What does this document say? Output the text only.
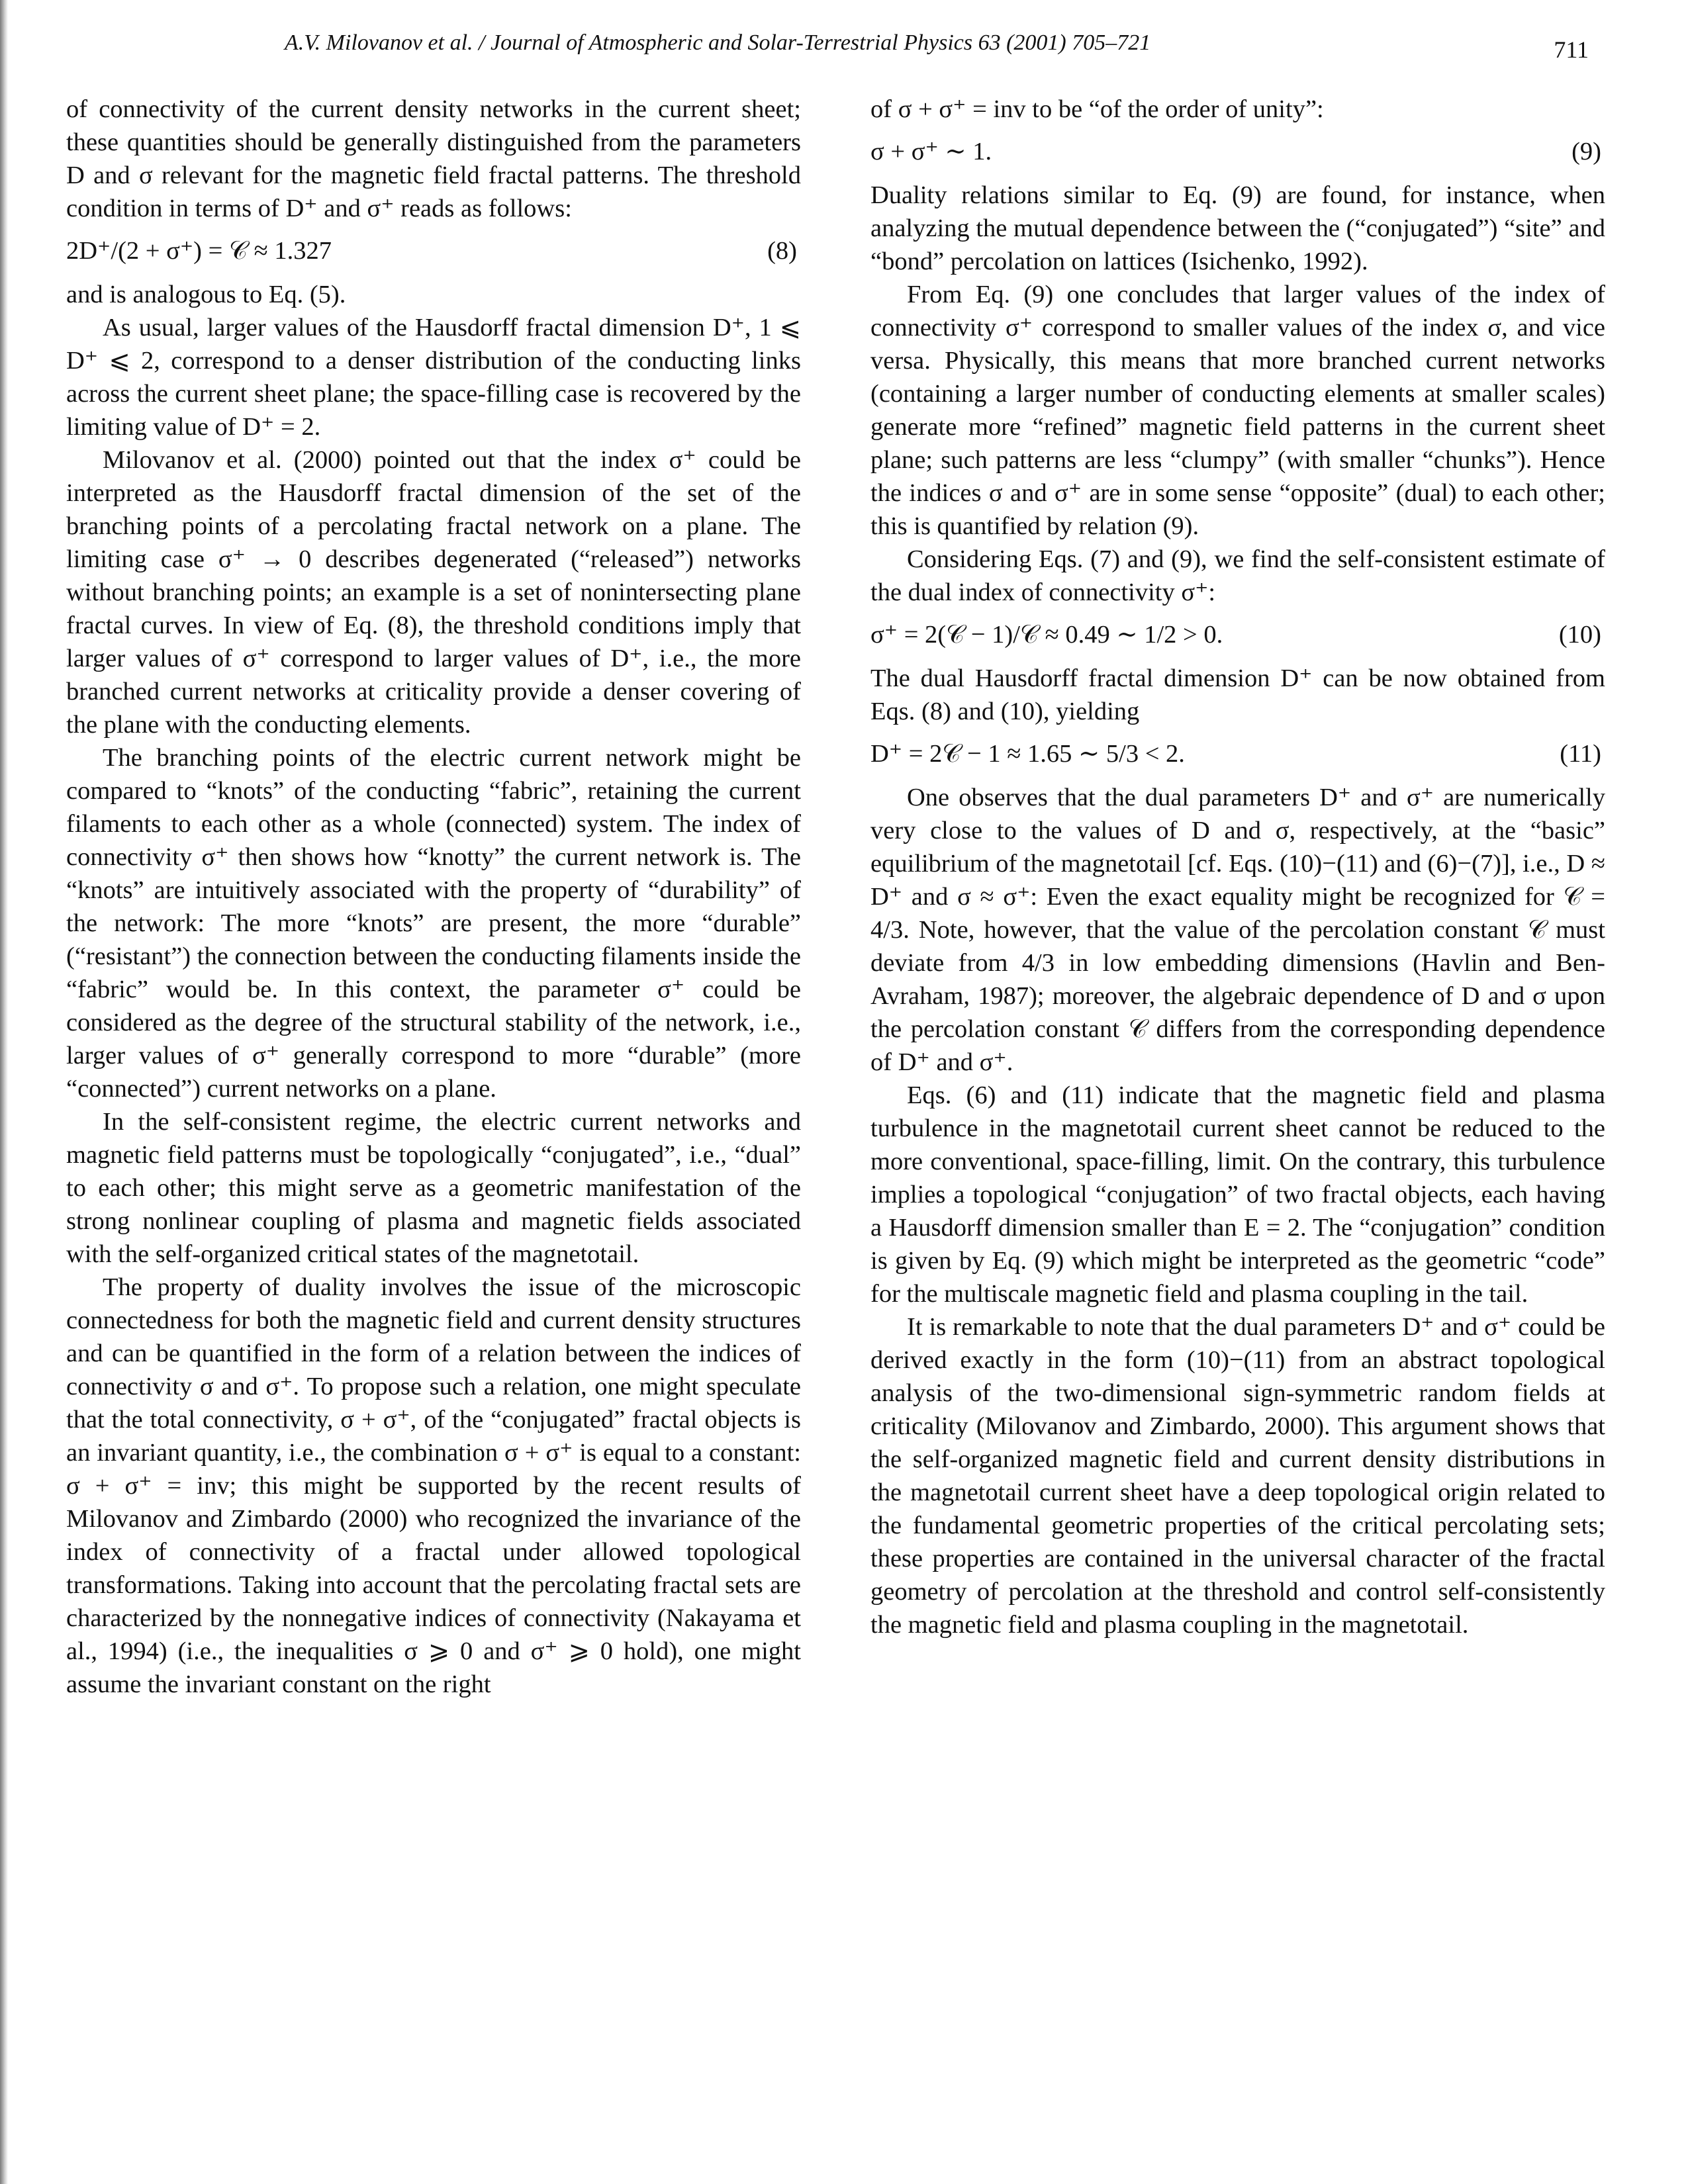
A.V. Milovanov et al. / Journal of Atmospheric and Solar-Terrestrial Physics 63 (2001) 705–721	711

of connectivity of the current density networks in the current sheet; these quantities should be generally distinguished from the parameters D and σ relevant for the magnetic field fractal patterns. The threshold condition in terms of D⁺ and σ⁺ reads as follows:

2D⁺/(2 + σ⁺) = 𝒞 ≈ 1.327	(8)

and is analogous to Eq. (5).

As usual, larger values of the Hausdorff fractal dimension D⁺, 1 ⩽ D⁺ ⩽ 2, correspond to a denser distribution of the conducting links across the current sheet plane; the space-filling case is recovered by the limiting value of D⁺ = 2.

Milovanov et al. (2000) pointed out that the index σ⁺ could be interpreted as the Hausdorff fractal dimension of the set of the branching points of a percolating fractal network on a plane. The limiting case σ⁺ → 0 describes degenerated (“released”) networks without branching points; an example is a set of nonintersecting plane fractal curves. In view of Eq. (8), the threshold conditions imply that larger values of σ⁺ correspond to larger values of D⁺, i.e., the more branched current networks at criticality provide a denser covering of the plane with the conducting elements.

The branching points of the electric current network might be compared to “knots” of the conducting “fabric”, retaining the current filaments to each other as a whole (connected) system. The index of connectivity σ⁺ then shows how “knotty” the current network is. The “knots” are intuitively associated with the property of “durability” of the network: The more “knots” are present, the more “durable” (“resistant”) the connection between the conducting filaments inside the “fabric” would be. In this context, the parameter σ⁺ could be considered as the degree of the structural stability of the network, i.e., larger values of σ⁺ generally correspond to more “durable” (more “connected”) current networks on a plane.

In the self-consistent regime, the electric current networks and magnetic field patterns must be topologically “conjugated”, i.e., “dual” to each other; this might serve as a geometric manifestation of the strong nonlinear coupling of plasma and magnetic fields associated with the self-organized critical states of the magnetotail.

The property of duality involves the issue of the microscopic connectedness for both the magnetic field and current density structures and can be quantified in the form of a relation between the indices of connectivity σ and σ⁺. To propose such a relation, one might speculate that the total connectivity, σ + σ⁺, of the “conjugated” fractal objects is an invariant quantity, i.e., the combination σ + σ⁺ is equal to a constant: σ + σ⁺ = inv; this might be supported by the recent results of Milovanov and Zimbardo (2000) who recognized the invariance of the index of connectivity of a fractal under allowed topological transformations. Taking into account that the percolating fractal sets are characterized by the nonnegative indices of connectivity (Nakayama et al., 1994) (i.e., the inequalities σ ⩾ 0 and σ⁺ ⩾ 0 hold), one might assume the invariant constant on the right

of σ + σ⁺ = inv to be “of the order of unity”:

σ + σ⁺ ∼ 1.	(9)

Duality relations similar to Eq. (9) are found, for instance, when analyzing the mutual dependence between the (“conjugated”) “site” and “bond” percolation on lattices (Isichenko, 1992).

From Eq. (9) one concludes that larger values of the index of connectivity σ⁺ correspond to smaller values of the index σ, and vice versa. Physically, this means that more branched current networks (containing a larger number of conducting elements at smaller scales) generate more “refined” magnetic field patterns in the current sheet plane; such patterns are less “clumpy” (with smaller “chunks”). Hence the indices σ and σ⁺ are in some sense “opposite” (dual) to each other; this is quantified by relation (9).

Considering Eqs. (7) and (9), we find the self-consistent estimate of the dual index of connectivity σ⁺:

σ⁺ = 2(𝒞 − 1)/𝒞 ≈ 0.49 ∼ 1/2 > 0.	(10)

The dual Hausdorff fractal dimension D⁺ can be now obtained from Eqs. (8) and (10), yielding

D⁺ = 2𝒞 − 1 ≈ 1.65 ∼ 5/3 < 2.	(11)

One observes that the dual parameters D⁺ and σ⁺ are numerically very close to the values of D and σ, respectively, at the “basic” equilibrium of the magnetotail [cf. Eqs. (10)−(11) and (6)−(7)], i.e., D ≈ D⁺ and σ ≈ σ⁺: Even the exact equality might be recognized for 𝒞 = 4/3. Note, however, that the value of the percolation constant 𝒞 must deviate from 4/3 in low embedding dimensions (Havlin and Ben-Avraham, 1987); moreover, the algebraic dependence of D and σ upon the percolation constant 𝒞 differs from the corresponding dependence of D⁺ and σ⁺.

Eqs. (6) and (11) indicate that the magnetic field and plasma turbulence in the magnetotail current sheet cannot be reduced to the more conventional, space-filling, limit. On the contrary, this turbulence implies a topological “conjugation” of two fractal objects, each having a Hausdorff dimension smaller than E = 2. The “conjugation” condition is given by Eq. (9) which might be interpreted as the geometric “code” for the multiscale magnetic field and plasma coupling in the tail.

It is remarkable to note that the dual parameters D⁺ and σ⁺ could be derived exactly in the form (10)−(11) from an abstract topological analysis of the two-dimensional sign-symmetric random fields at criticality (Milovanov and Zimbardo, 2000). This argument shows that the self-organized magnetic field and current density distributions in the magnetotail current sheet have a deep topological origin related to the fundamental geometric properties of the critical percolating sets; these properties are contained in the universal character of the fractal geometry of percolation at the threshold and control self-consistently the magnetic field and plasma coupling in the magnetotail.
